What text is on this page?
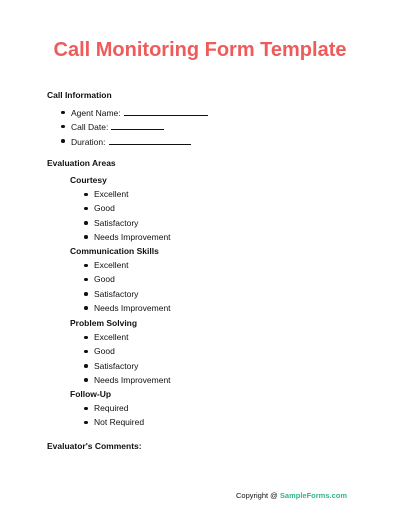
Call Monitoring Form Template
Call Information
Agent Name:
Call Date:
Duration:
Evaluation Areas
Courtesy
Excellent
Good
Satisfactory
Needs Improvement
Communication Skills
Excellent
Good
Satisfactory
Needs Improvement
Problem Solving
Excellent
Good
Satisfactory
Needs Improvement
Follow-Up
Required
Not Required
Evaluator's Comments:
Copyright @ SampleForms.com
